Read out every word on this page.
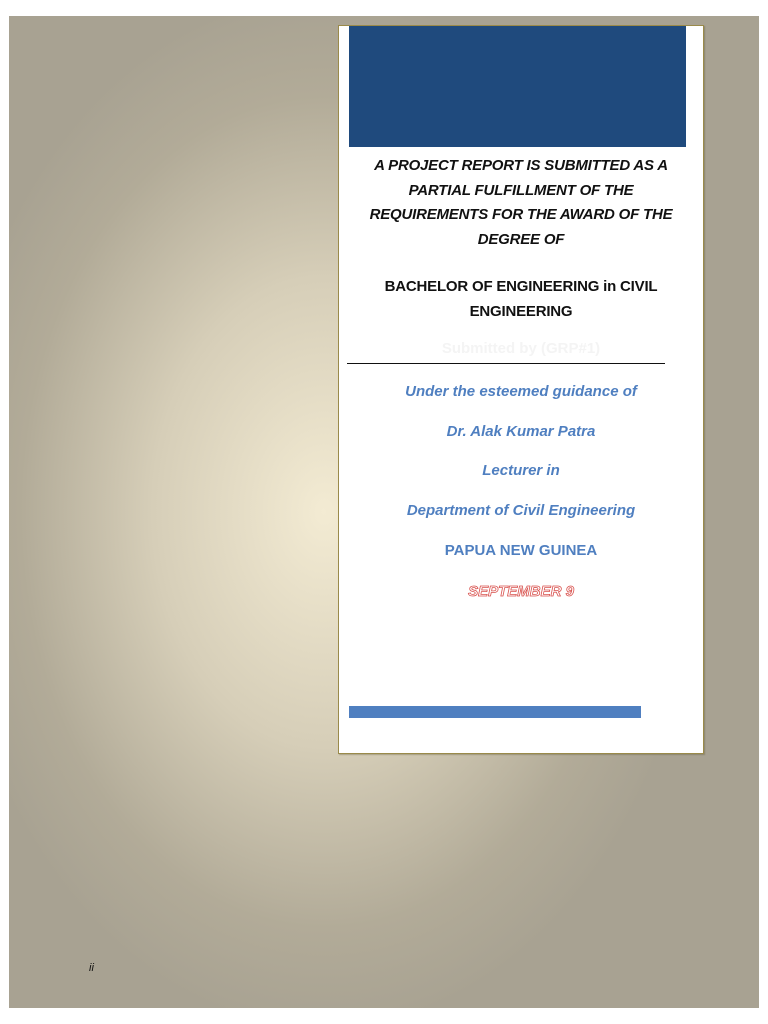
A PROJECT REPORT IS SUBMITTED AS A
PARTIAL FULFILLMENT OF THE
REQUIREMENTS FOR THE AWARD OF THE
DEGREE OF
BACHELOR OF ENGINEERING in CIVIL
ENGINEERING
Submitted by (GRP#1)
Under the esteemed guidance of
Dr. Alak Kumar Patra
Lecturer in
Department of Civil Engineering
PAPUA NEW GUINEA
SEPTEMBER 9
ii
